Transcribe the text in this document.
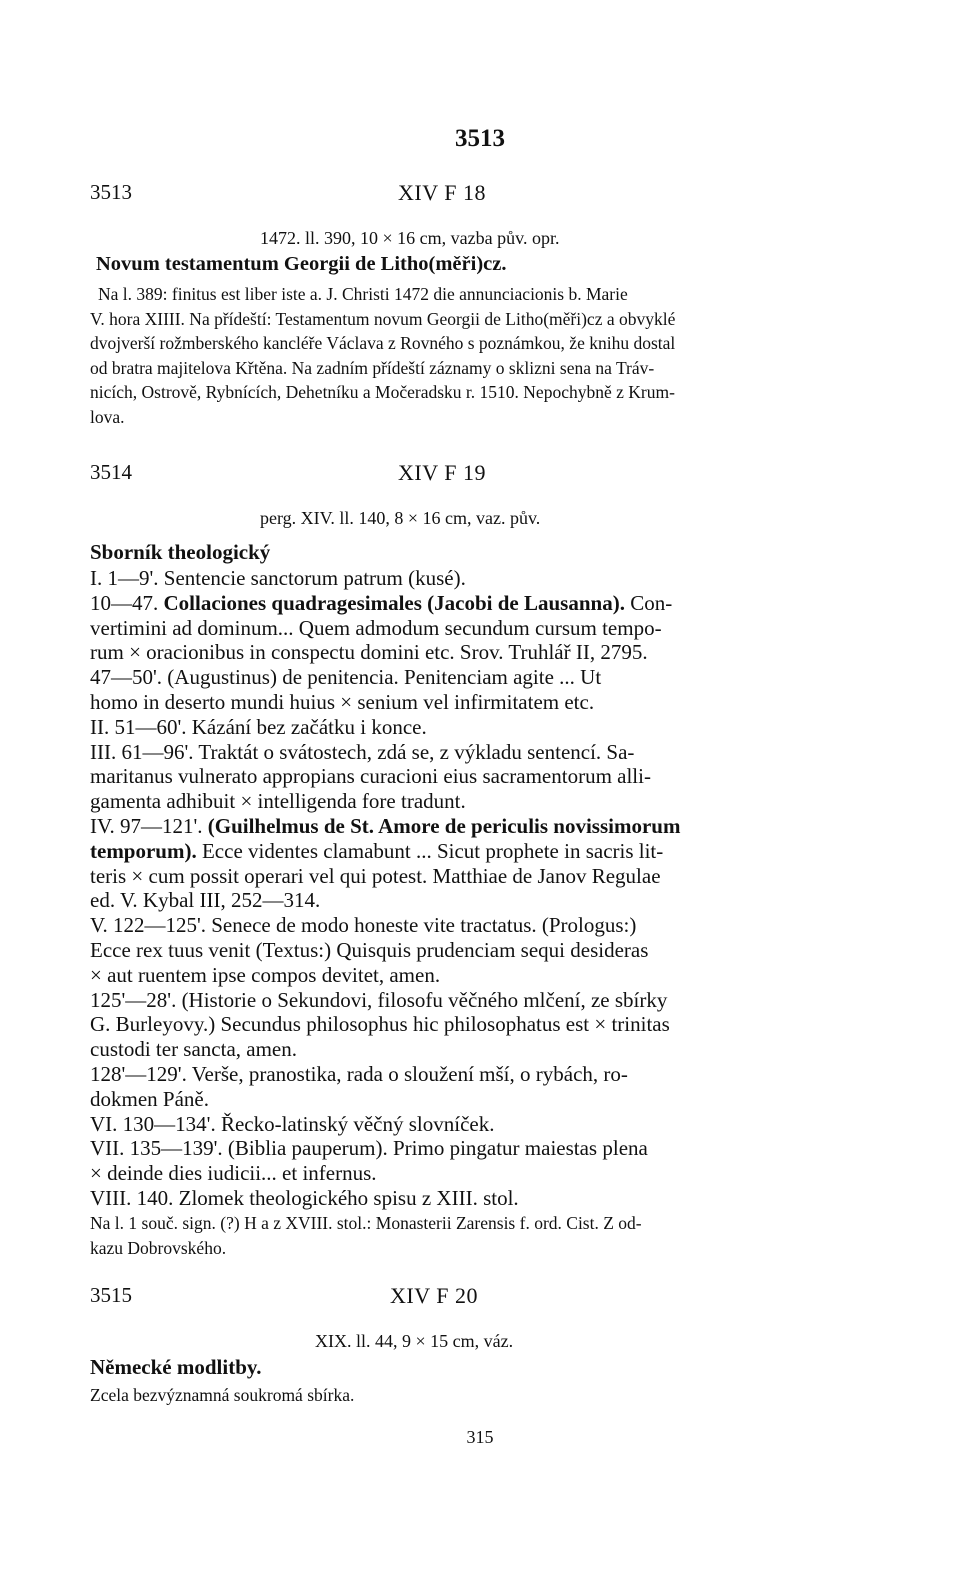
3513
3513	XIV F 18
1472. ll. 390, 10 × 16 cm, vazba pův. opr.
Novum testamentum Georgii de Litho(měři)cz.
Na l. 389: finitus est liber iste a. J. Christi 1472 die annunciacionis b. Marie
V. hora XIIII. Na přídeští: Testamentum novum Georgii de Litho(měři)cz a obvyklé
dvojverší rožmberského kancléře Václava z Rovného s poznámkou, že knihu dostal
od bratra majitelova Křtěna. Na zadním přídeští záznamy o sklizni sena na Tráv-
nicích, Ostrově, Rybnících, Dehetníku a Močeradsku r. 1510. Nepochybně z Krum-
lova.
3514	XIV F 19
perg. XIV. ll. 140, 8 × 16 cm, vaz. pův.
Sborník theologický
I. 1—9'. Sentencie sanctorum patrum (kusé).
10—47. Collaciones quadragesimales (Jacobi de Lausanna). Con-
vertimini ad dominum... Quem admodum secundum cursum tempo-
rum × oracionibus in conspectu domini etc. Srov. Truhlář II, 2795.
47—50'. (Augustinus) de penitencia. Penitenciam agite ... Ut
homo in deserto mundi huius × senium vel infirmitatem etc.
II. 51—60'. Kázání bez začátku i konce.
III. 61—96'. Traktát o svátostech, zdá se, z výkladu sentencí. Sa-
maritanus vulnerato appropians curacioni eius sacramentorum alli-
gamenta adhibuit × intelligenda fore tradunt.
IV. 97—121'. (Guilhelmus de St. Amore de periculis novissimorum
temporum). Ecce videntes clamabunt ... Sicut prophete in sacris lit-
teris × cum possit operari vel qui potest. Matthiae de Janov Regulae
ed. V. Kybal III, 252—314.
V. 122—125'. Senece de modo honeste vite tractatus. (Prologus:)
Ecce rex tuus venit (Textus:) Quisquis prudenciam sequi desideras
× aut ruentem ipse compos devitet, amen.
125'—28'. (Historie o Sekundovi, filosofu věčného mlčení, ze sbírky
G. Burleyovy.) Secundus philosophus hic philosophatus est × trinitas
custodi ter sancta, amen.
128'—129'. Verše, pranostika, rada o sloužení mší, o rybách, ro-
dokmen Páně.
VI. 130—134'. Řecko-latinský věčný slovníček.
VII. 135—139'. (Biblia pauperum). Primo pingatur maiestas plena
× deinde dies iudicii... et infernus.
VIII. 140. Zlomek theologického spisu z XIII. stol.
Na l. 1 souč. sign. (?) H a z XVIII. stol.: Monasterii Zarensis f. ord. Cist. Z od-
kazu Dobrovského.
3515	XIV F 20
XIX. ll. 44, 9 × 15 cm, váz.
Německé modlitby.
Zcela bezvýznamná soukromá sbírka.
315
